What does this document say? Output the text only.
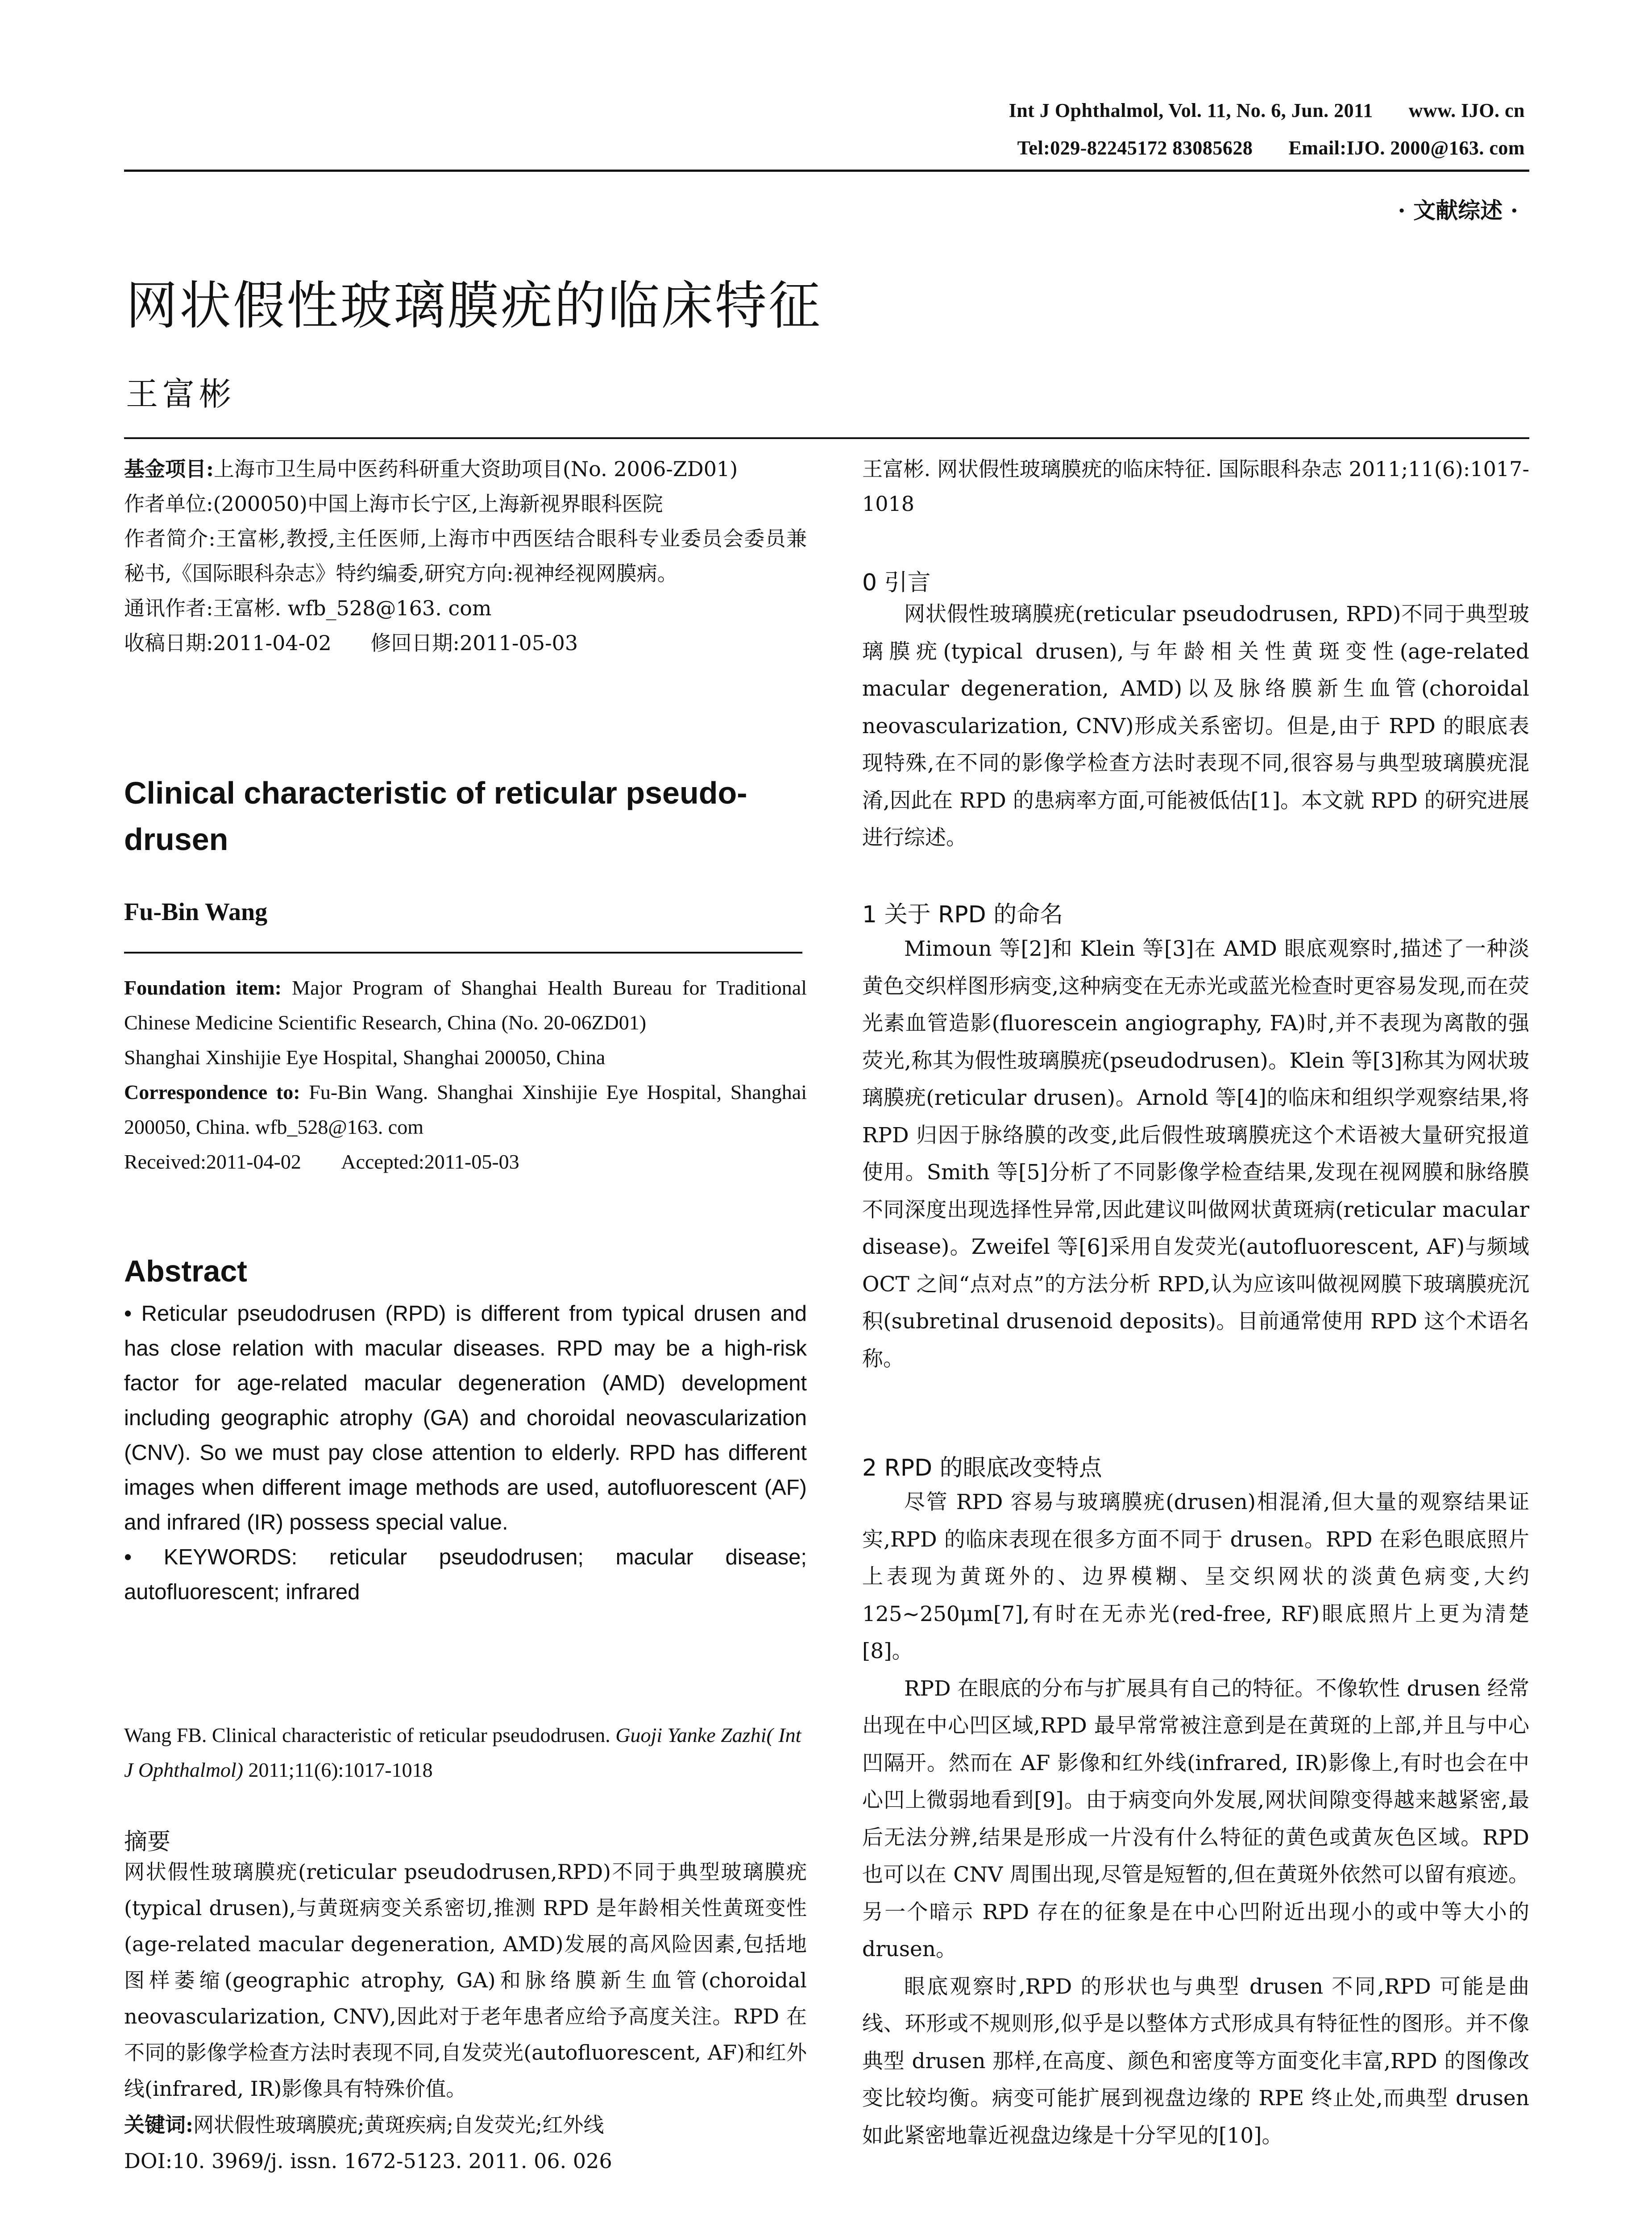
Int J Ophthalmol, Vol. 11, No. 6, Jun. 2011 www. IJO. cn
Tel:029-82245172 83085628 Email:IJO. 2000@163. com
· 文献综述 ·
网状假性玻璃膜疣的临床特征
王富彬

基金项目:上海市卫生局中医药科研重大资助项目(No. 2006-ZD01)

作者单位:(200050)中国上海市长宁区,上海新视界眼科医院

作者简介:王富彬,教授,主任医师,上海市中西医结合眼科专业委员会委员兼秘书,《国际眼科杂志》特约编委,研究方向:视神经视网膜病。

通讯作者:王富彬. wfb_528@163. com

收稿日期:2011-04-02      修回日期:2011-05-03

Clinical characteristic of reticular pseudo-drusen
Fu-Bin Wang

Foundation item: Major Program of Shanghai Health Bureau for Traditional Chinese Medicine Scientific Research, China (No. 20-06ZD01)

Shanghai Xinshijie Eye Hospital, Shanghai 200050, China

Correspondence to: Fu-Bin Wang. Shanghai Xinshijie Eye Hospital, Shanghai 200050, China. wfb_528@163. com

Received:2011-04-02        Accepted:2011-05-03

Abstract

• Reticular pseudodrusen (RPD) is different from typical drusen and has close relation with macular diseases. RPD may be a high-risk factor for age-related macular degeneration (AMD) development including geographic atrophy (GA) and choroidal neovascularization (CNV). So we must pay close attention to elderly. RPD has different images when different image methods are used, autofluorescent (AF) and infrared (IR) possess special value.

• KEYWORDS: reticular pseudodrusen; macular disease; autofluorescent; infrared

Wang FB. Clinical characteristic of reticular pseudodrusen. Guoji Yanke Zazhi( Int J Ophthalmol) 2011;11(6):1017-1018

摘要

网状假性玻璃膜疣(reticular pseudodrusen,RPD)不同于典型玻璃膜疣(typical drusen),与黄斑病变关系密切,推测 RPD 是年龄相关性黄斑变性(age-related macular degeneration, AMD)发展的高风险因素,包括地图样萎缩(geographic atrophy, GA)和脉络膜新生血管(choroidal neovascularization, CNV),因此对于老年患者应给予高度关注。RPD 在不同的影像学检查方法时表现不同,自发荧光(autofluorescent, AF)和红外线(infrared, IR)影像具有特殊价值。

关键词:网状假性玻璃膜疣;黄斑疾病;自发荧光;红外线

DOI:10. 3969/j. issn. 1672-5123. 2011. 06. 026

王富彬. 网状假性玻璃膜疣的临床特征. 国际眼科杂志 2011;11(6):1017-1018
0 引言

网状假性玻璃膜疣(reticular pseudodrusen, RPD)不同于典型玻璃膜疣(typical drusen),与年龄相关性黄斑变性(age-related macular degeneration, AMD)以及脉络膜新生血管(choroidal neovascularization, CNV)形成关系密切。但是,由于 RPD 的眼底表现特殊,在不同的影像学检查方法时表现不同,很容易与典型玻璃膜疣混淆,因此在 RPD 的患病率方面,可能被低估[1]。本文就 RPD 的研究进展进行综述。

1 关于 RPD 的命名

Mimoun 等[2]和 Klein 等[3]在 AMD 眼底观察时,描述了一种淡黄色交织样图形病变,这种病变在无赤光或蓝光检查时更容易发现,而在荧光素血管造影(fluorescein angiography, FA)时,并不表现为离散的强荧光,称其为假性玻璃膜疣(pseudodrusen)。Klein 等[3]称其为网状玻璃膜疣(reticular drusen)。Arnold 等[4]的临床和组织学观察结果,将 RPD 归因于脉络膜的改变,此后假性玻璃膜疣这个术语被大量研究报道使用。Smith 等[5]分析了不同影像学检查结果,发现在视网膜和脉络膜不同深度出现选择性异常,因此建议叫做网状黄斑病(reticular macular disease)。Zweifel 等[6]采用自发荧光(autofluorescent, AF)与频域 OCT 之间“点对点”的方法分析 RPD,认为应该叫做视网膜下玻璃膜疣沉积(subretinal drusenoid deposits)。目前通常使用 RPD 这个术语名称。

2 RPD 的眼底改变特点

尽管 RPD 容易与玻璃膜疣(drusen)相混淆,但大量的观察结果证实,RPD 的临床表现在很多方面不同于 drusen。RPD 在彩色眼底照片上表现为黄斑外的、边界模糊、呈交织网状的淡黄色病变,大约 125~250μm[7],有时在无赤光(red-free, RF)眼底照片上更为清楚[8]。

RPD 在眼底的分布与扩展具有自己的特征。不像软性 drusen 经常出现在中心凹区域,RPD 最早常常被注意到是在黄斑的上部,并且与中心凹隔开。然而在 AF 影像和红外线(infrared, IR)影像上,有时也会在中心凹上微弱地看到[9]。由于病变向外发展,网状间隙变得越来越紧密,最后无法分辨,结果是形成一片没有什么特征的黄色或黄灰色区域。RPD 也可以在 CNV 周围出现,尽管是短暂的,但在黄斑外依然可以留有痕迹。另一个暗示 RPD 存在的征象是在中心凹附近出现小的或中等大小的 drusen。

眼底观察时,RPD 的形状也与典型 drusen 不同,RPD 可能是曲线、环形或不规则形,似乎是以整体方式形成具有特征性的图形。并不像典型 drusen 那样,在高度、颜色和密度等方面变化丰富,RPD 的图像改变比较均衡。病变可能扩展到视盘边缘的 RPE 终止处,而典型 drusen 如此紧密地靠近视盘边缘是十分罕见的[10]。
